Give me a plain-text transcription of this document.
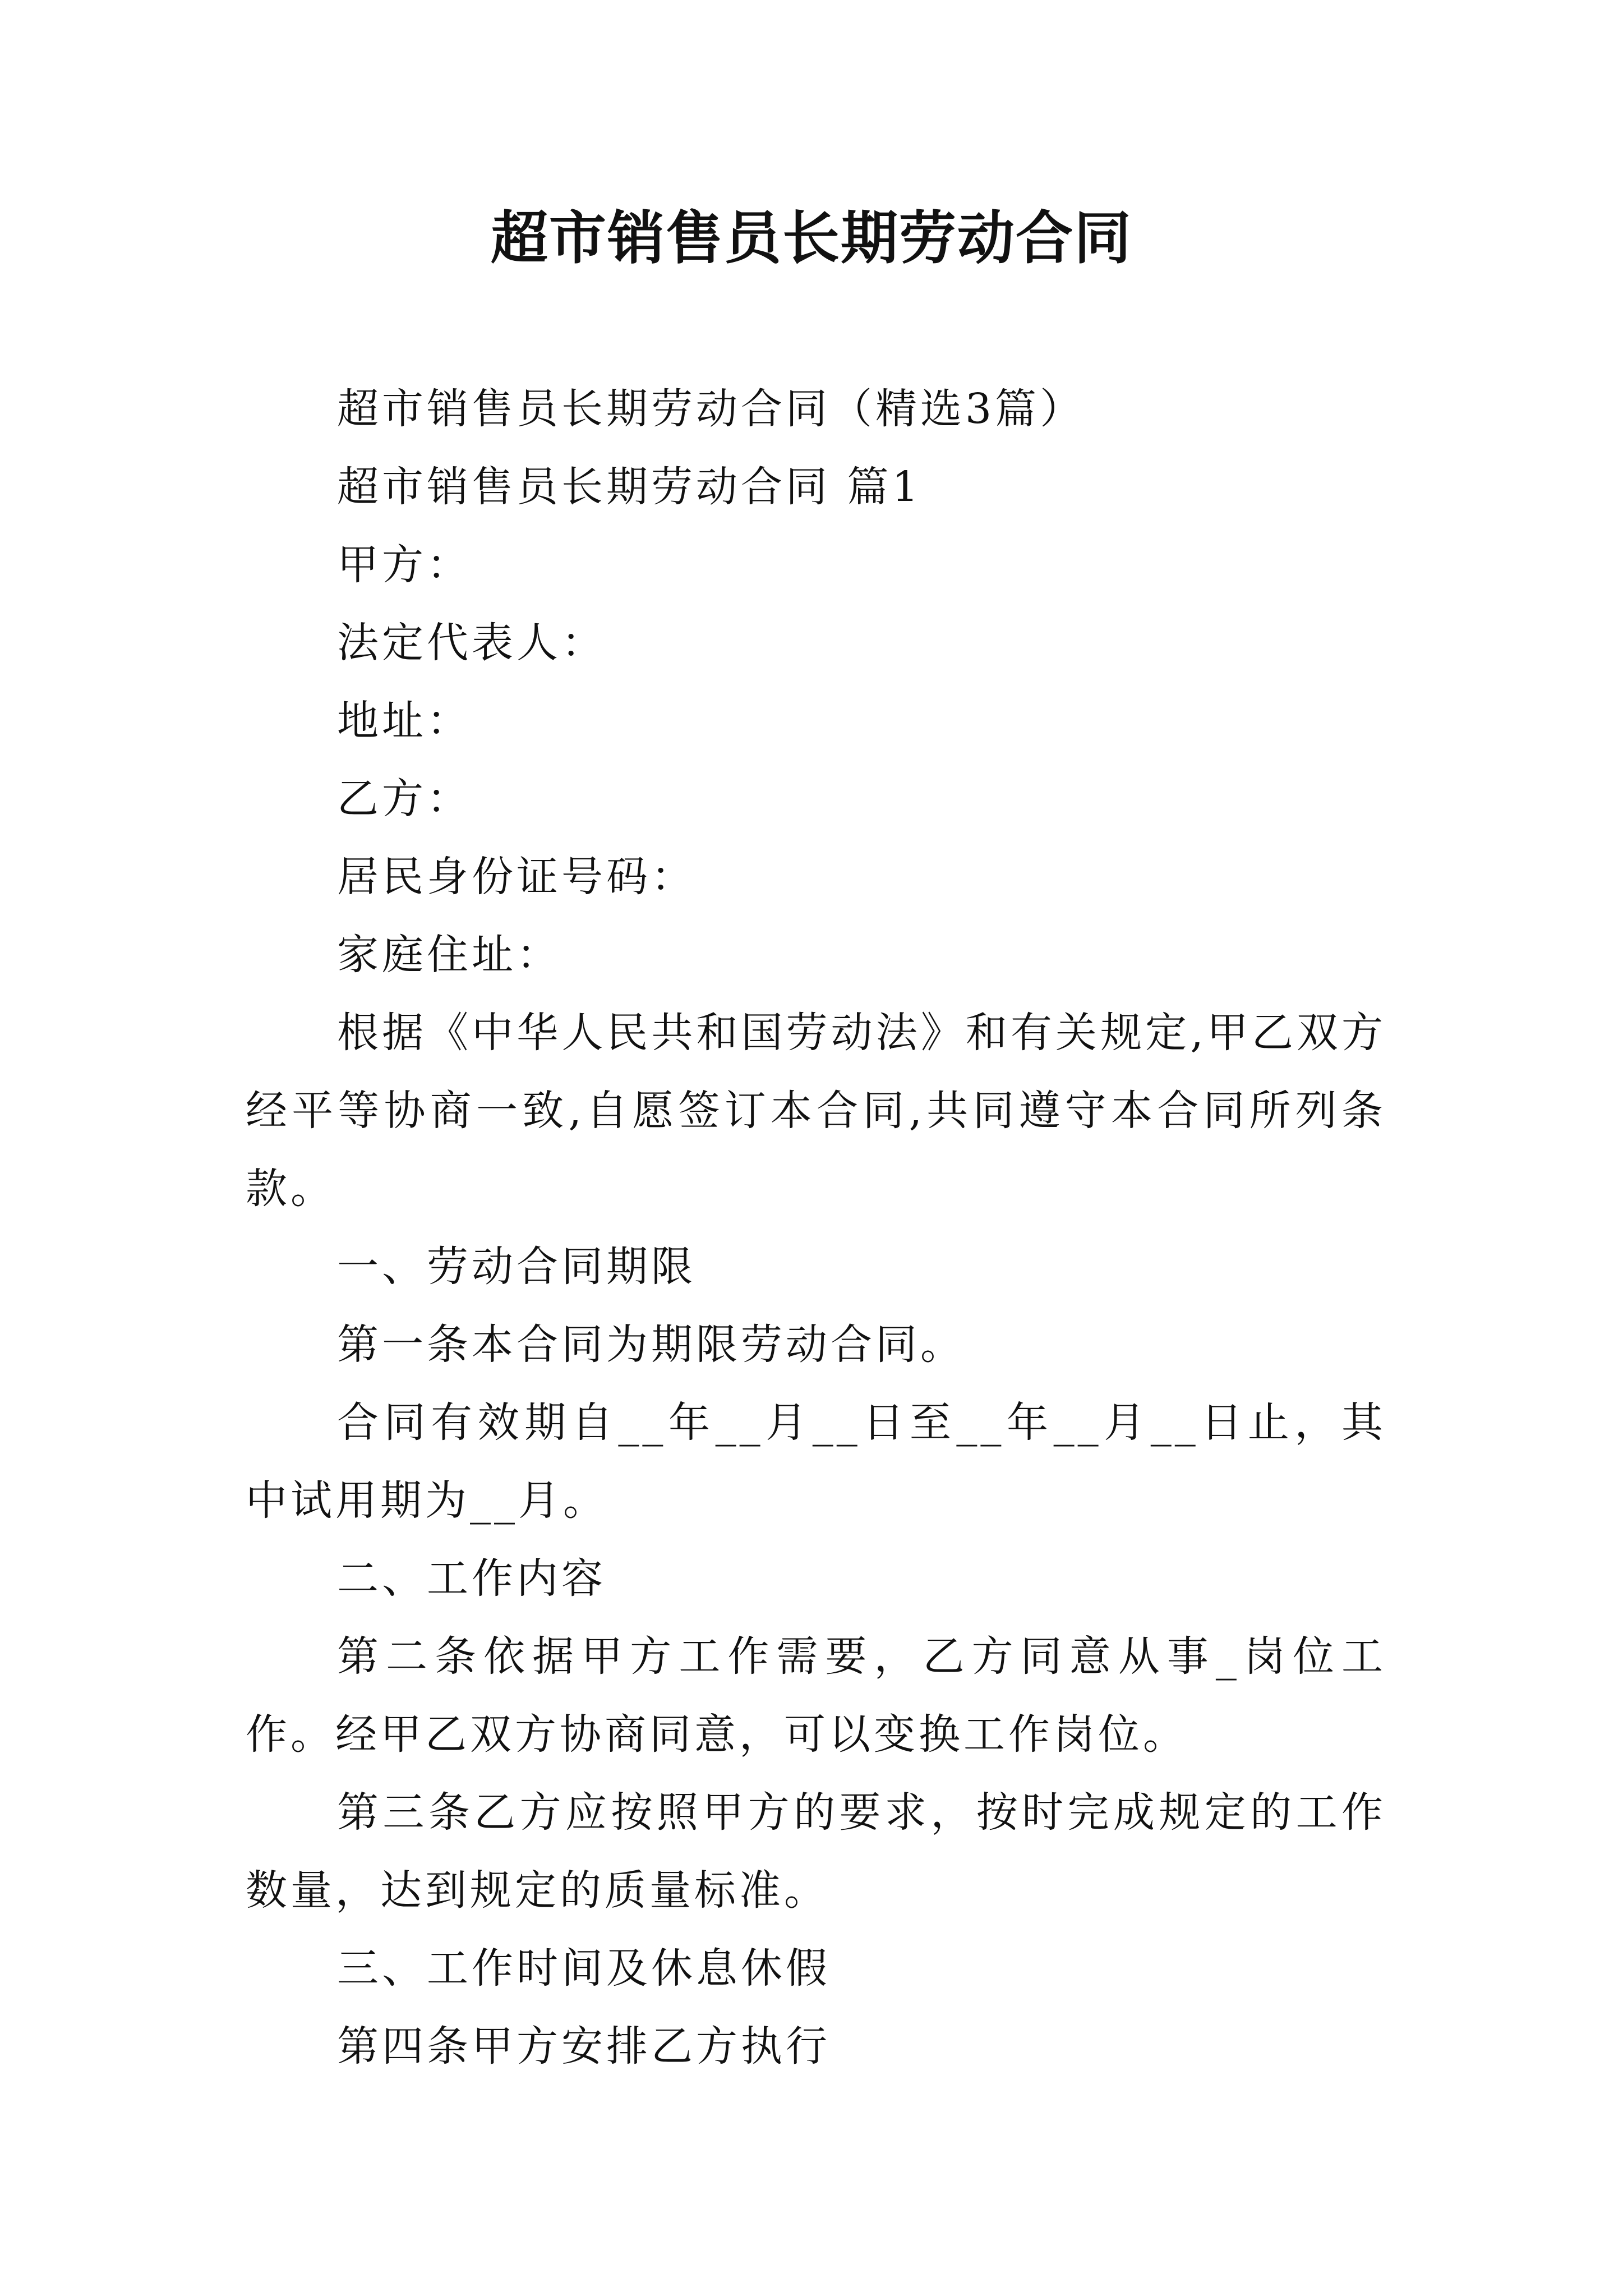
超市销售员长期劳动合同

超市销售员长期劳动合同（精选3篇）

超市销售员长期劳动合同 篇1

甲方：

法定代表人：

地址：

乙方：

居民身份证号码：

家庭住址：

根据《中华人民共和国劳动法》和有关规定,甲乙双方经平等协商一致,自愿签订本合同,共同遵守本合同所列条款。

一、劳动合同期限

第一条本合同为期限劳动合同。

合同有效期自__年__月__日至__年__月__日止，其中试用期为__月。

二、工作内容

第二条依据甲方工作需要，乙方同意从事_岗位工作。经甲乙双方协商同意，可以变换工作岗位。

第三条乙方应按照甲方的要求，按时完成规定的工作数量，达到规定的质量标准。

三、工作时间及休息休假

第四条甲方安排乙方执行
